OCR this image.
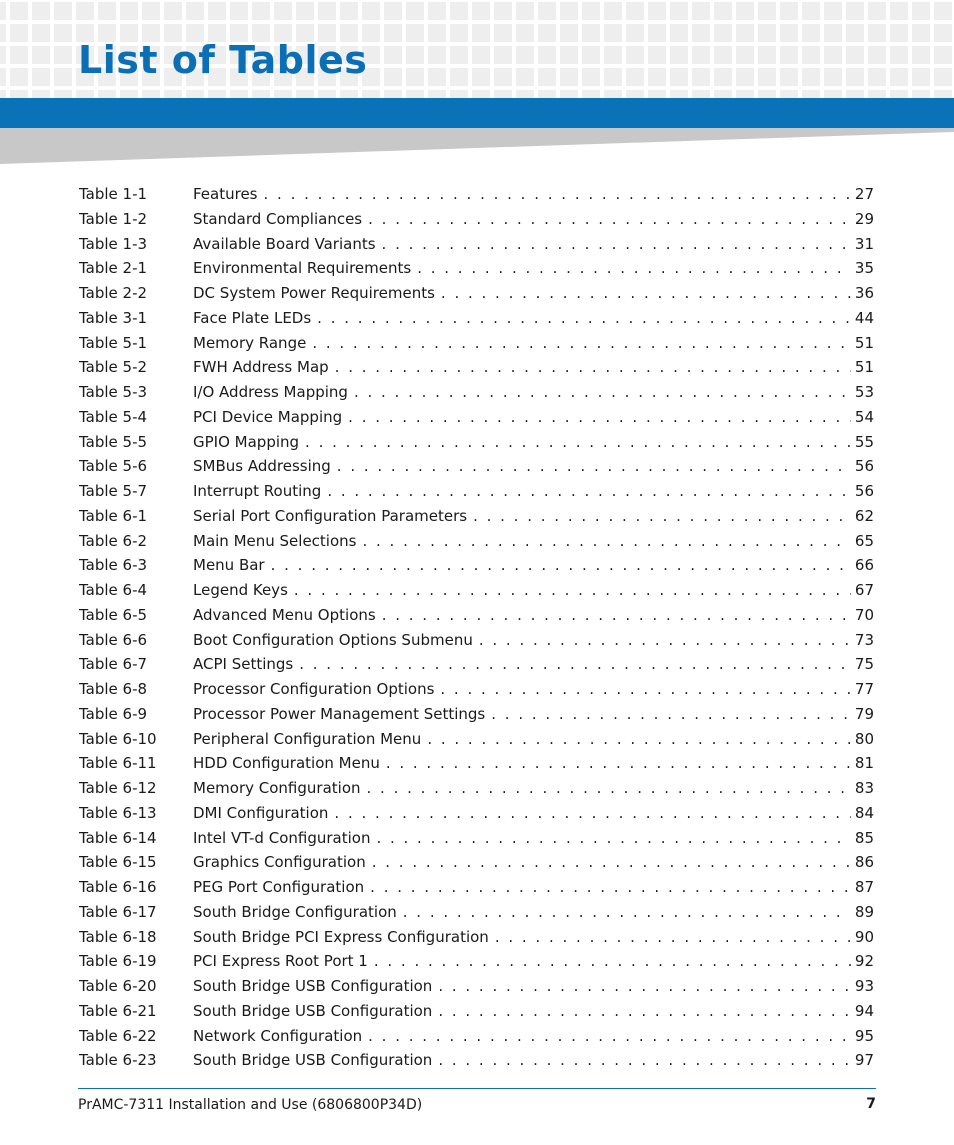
List of Tables
Table 1-1	Features . . .	27
Table 1-2	Standard Compliances . . .	29
Table 1-3	Available Board Variants . . .	31
Table 2-1	Environmental Requirements . . .	35
Table 2-2	DC System Power Requirements . . .	36
Table 3-1	Face Plate LEDs . . .	44
Table 5-1	Memory Range . . .	51
Table 5-2	FWH Address Map . . .	51
Table 5-3	I/O Address Mapping . . .	53
Table 5-4	PCI Device Mapping . . .	54
Table 5-5	GPIO Mapping . . .	55
Table 5-6	SMBus Addressing . . .	56
Table 5-7	Interrupt Routing . . .	56
Table 6-1	Serial Port Configuration Parameters . . .	62
Table 6-2	Main Menu Selections . . .	65
Table 6-3	Menu Bar . . .	66
Table 6-4	Legend Keys . . .	67
Table 6-5	Advanced Menu Options . . .	70
Table 6-6	Boot Configuration Options Submenu . . .	73
Table 6-7	ACPI Settings . . .	75
Table 6-8	Processor Configuration Options . . .	77
Table 6-9	Processor Power Management Settings . . .	79
Table 6-10	Peripheral Configuration Menu . . .	80
Table 6-11	HDD Configuration Menu . . .	81
Table 6-12	Memory Configuration . . .	83
Table 6-13	DMI Configuration . . .	84
Table 6-14	Intel VT-d Configuration . . .	85
Table 6-15	Graphics Configuration . . .	86
Table 6-16	PEG Port Configuration . . .	87
Table 6-17	South Bridge Configuration . . .	89
Table 6-18	South Bridge PCI Express Configuration . . .	90
Table 6-19	PCI Express Root Port 1 . . .	92
Table 6-20	South Bridge USB Configuration . . .	93
Table 6-21	South Bridge USB Configuration . . .	94
Table 6-22	Network Configuration . . .	95
Table 6-23	South Bridge USB Configuration . . .	97
PrAMC-7311 Installation and Use (6806800P34D)	7
